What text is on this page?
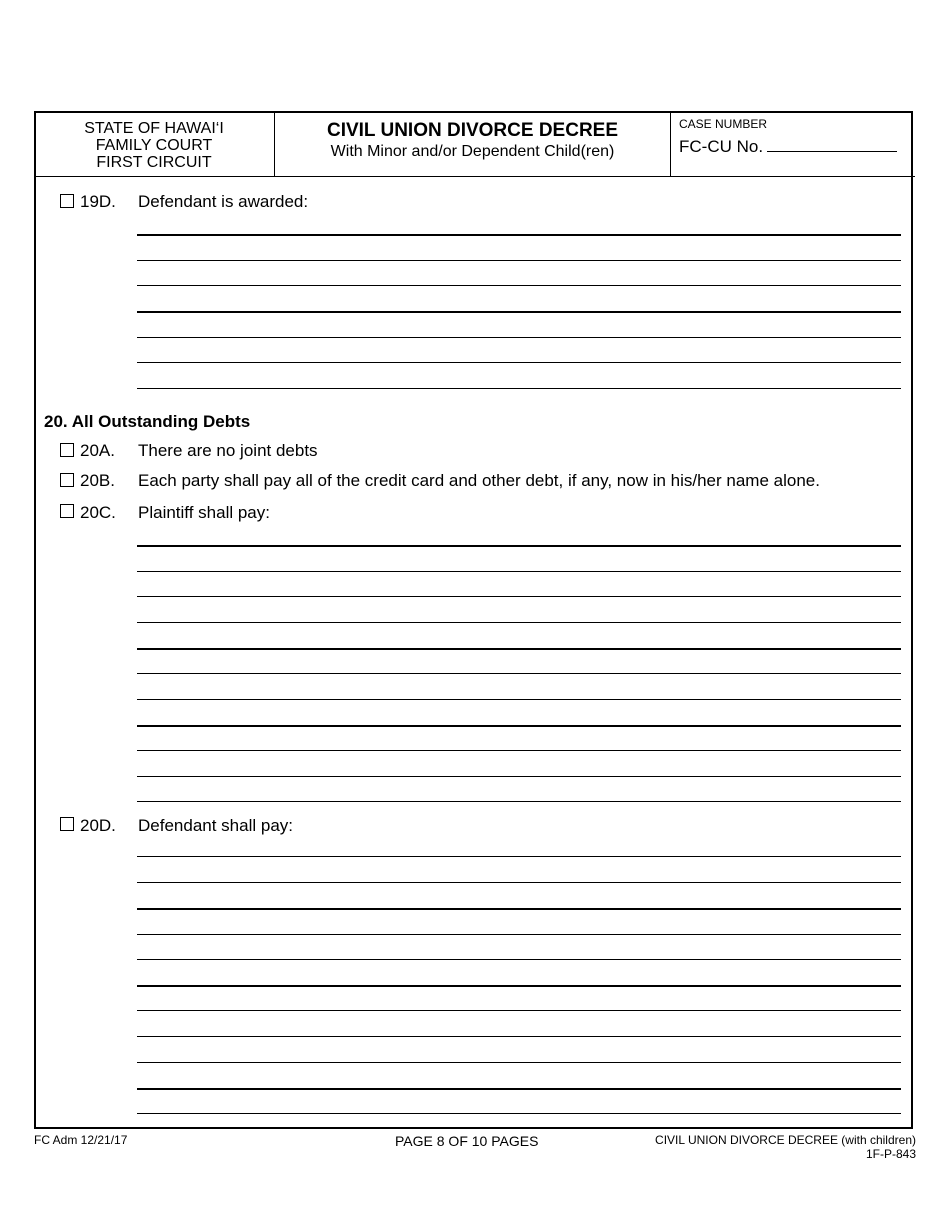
STATE OF HAWAI‘I
FAMILY COURT
FIRST CIRCUIT
CIVIL UNION DIVORCE DECREE
With Minor and/or Dependent Child(ren)
CASE NUMBER
FC-CU No.
19D. Defendant is awarded:
20. All Outstanding Debts
20A. There are no joint debts
20B. Each party shall pay all of the credit card and other debt, if any, now in his/her name alone.
20C. Plaintiff shall pay:
20D. Defendant shall pay:
FC Adm 12/21/17	PAGE 8 OF 10 PAGES	CIVIL UNION DIVORCE DECREE (with children)
1F-P-843
